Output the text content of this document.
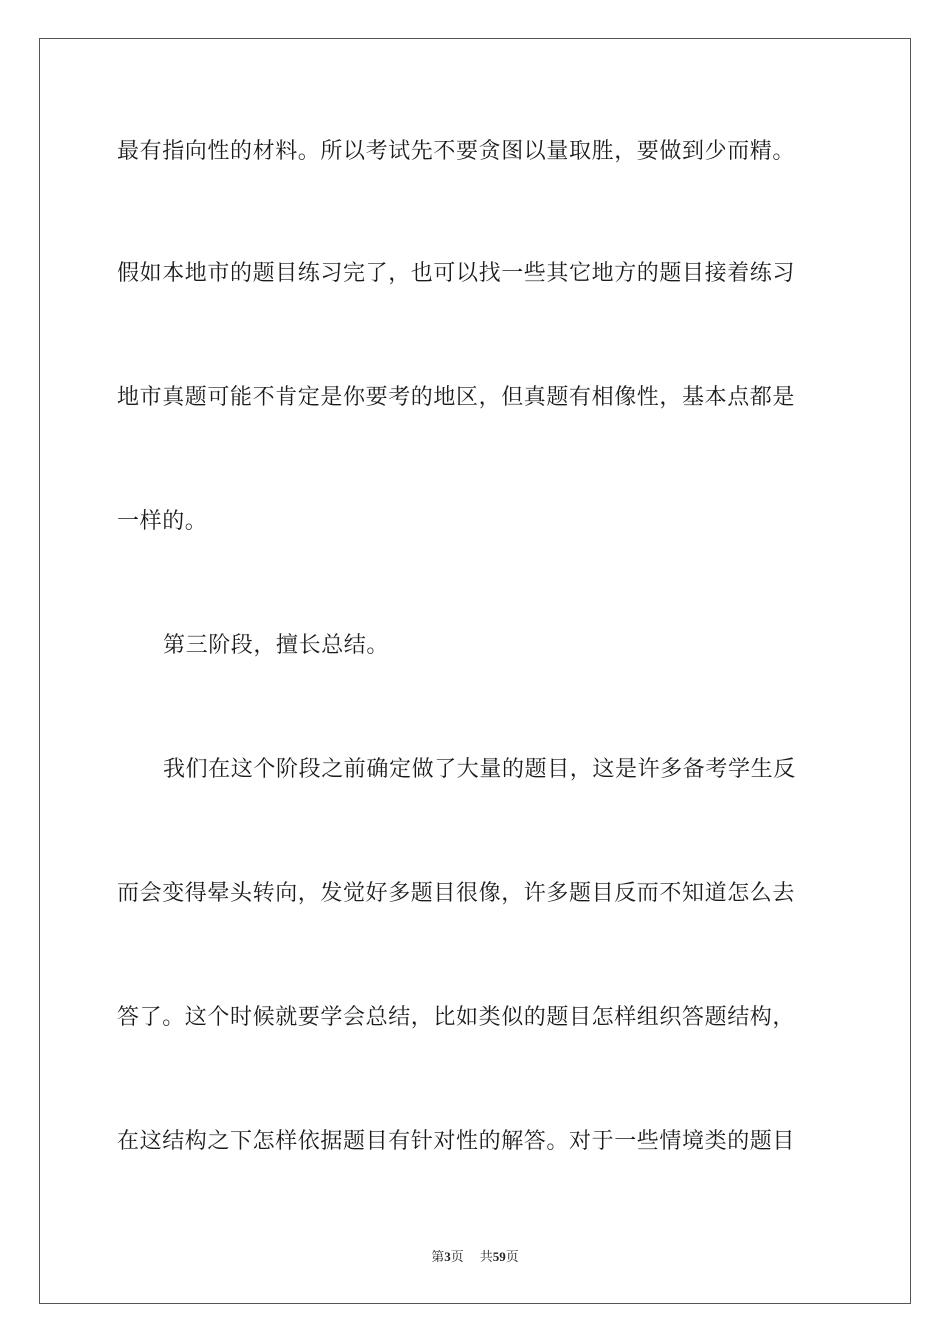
最有指向性的材料。所以考试先不要贪图以量取胜，要做到少而精。
假如本地市的题目练习完了，也可以找一些其它地方的题目接着练习
地市真题可能不肯定是你要考的地区，但真题有相像性，基本点都是
一样的。
第三阶段，擅长总结。
我们在这个阶段之前确定做了大量的题目，这是许多备考学生反
而会变得晕头转向，发觉好多题目很像，许多题目反而不知道怎么去
答了。这个时候就要学会总结，比如类似的题目怎样组织答题结构，
在这结构之下怎样依据题目有针对性的解答。对于一些情境类的题目
第3页 共59页
